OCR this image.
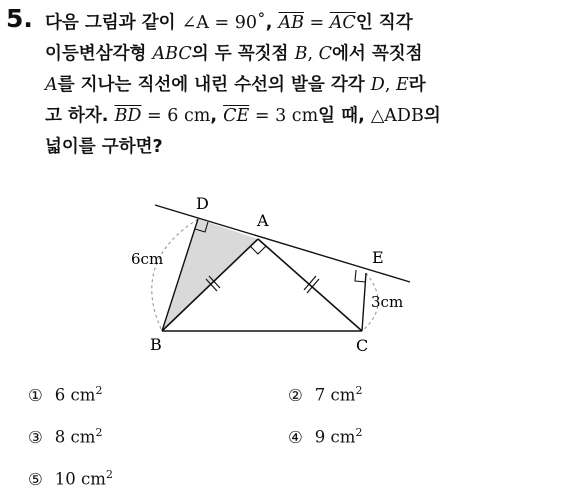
5. 다음 그림과 같이 ∠A = 90˚, $\overline{AB} = \overline{AC}$인 직각
이등변삼각형 ABC의 두 꼭짓점 B, C에서 꼭짓점
A를 지나는 직선에 내린 수선의 발을 각각 D, E라
고 하자. $\overline{BD} = 6$ cm, $\overline{CE} = 3$ cm일 때, △ADB의
넓이를 구하면?
D
A
E
B	C
6cm
3cm
① 6 $cm^2$	② 7 $cm^2$
③ 8 $cm^2$	④ 9 $cm^2$
⑤ 10 $cm^2$
